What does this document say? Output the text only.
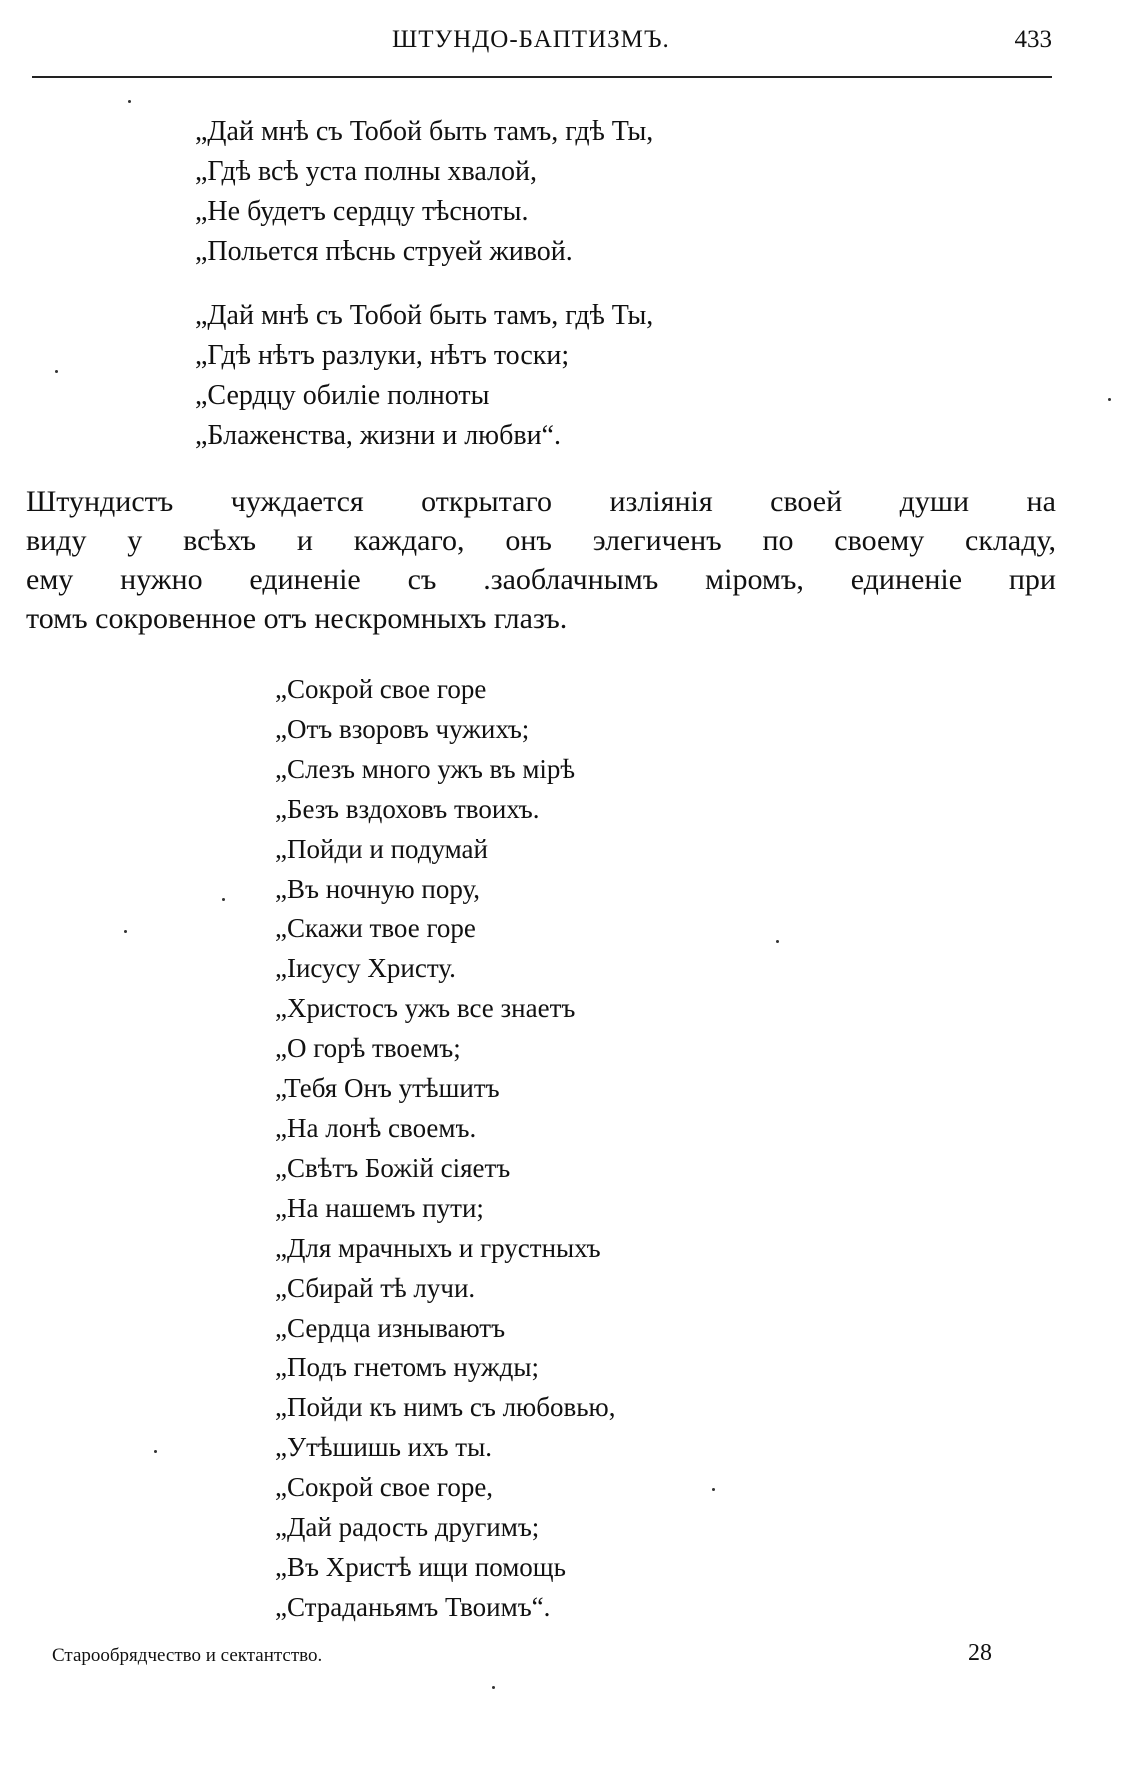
ШТУНДО-БАПТИЗМЪ.	433
„Дай мнѣ съ Тобой быть тамъ, гдѣ Ты,
„Гдѣ всѣ уста полны хвалой,
„Не будетъ сердцу тѣсноты.
„Польется пѣснь струей живой.
„Дай мнѣ съ Тобой быть тамъ, гдѣ Ты,
„Гдѣ нѣтъ разлуки, нѣтъ тоски;
„Сердцу обиліе полноты
„Блаженства, жизни и любви“.
Штундистъ чуждается открытаго изліянія своей души на
виду у всѣхъ и каждаго, онъ элегиченъ по своему складу,
ему нужно единеніе съ .заоблачнымъ міромъ, единеніе при
томъ сокровенное отъ нескромныхъ глазъ.
„Сокрой свое горе
„Отъ взоровъ чужихъ;
„Слезъ много ужъ въ мірѣ
„Безъ вздоховъ твоихъ.
„Пойди и подумай
„Въ ночную пору,
„Скажи твое горе
„Іисусу Христу.
„Христосъ ужъ все знаетъ
„О горѣ твоемъ;
„Тебя Онъ утѣшитъ
„На лонѣ своемъ.
„Свѣтъ Божій сіяетъ
„На нашемъ пути;
„Для мрачныхъ и грустныхъ
„Сбирай тѣ лучи.
„Сердца изнываютъ
„Подъ гнетомъ нужды;
„Пойди къ нимъ съ любовью,
„Утѣшишь ихъ ты.
„Сокрой свое горе,
„Дай радость другимъ;
„Въ Христѣ ищи помощь
„Страданьямъ Твоимъ“.
Старообрядчество и сектантство.	28
